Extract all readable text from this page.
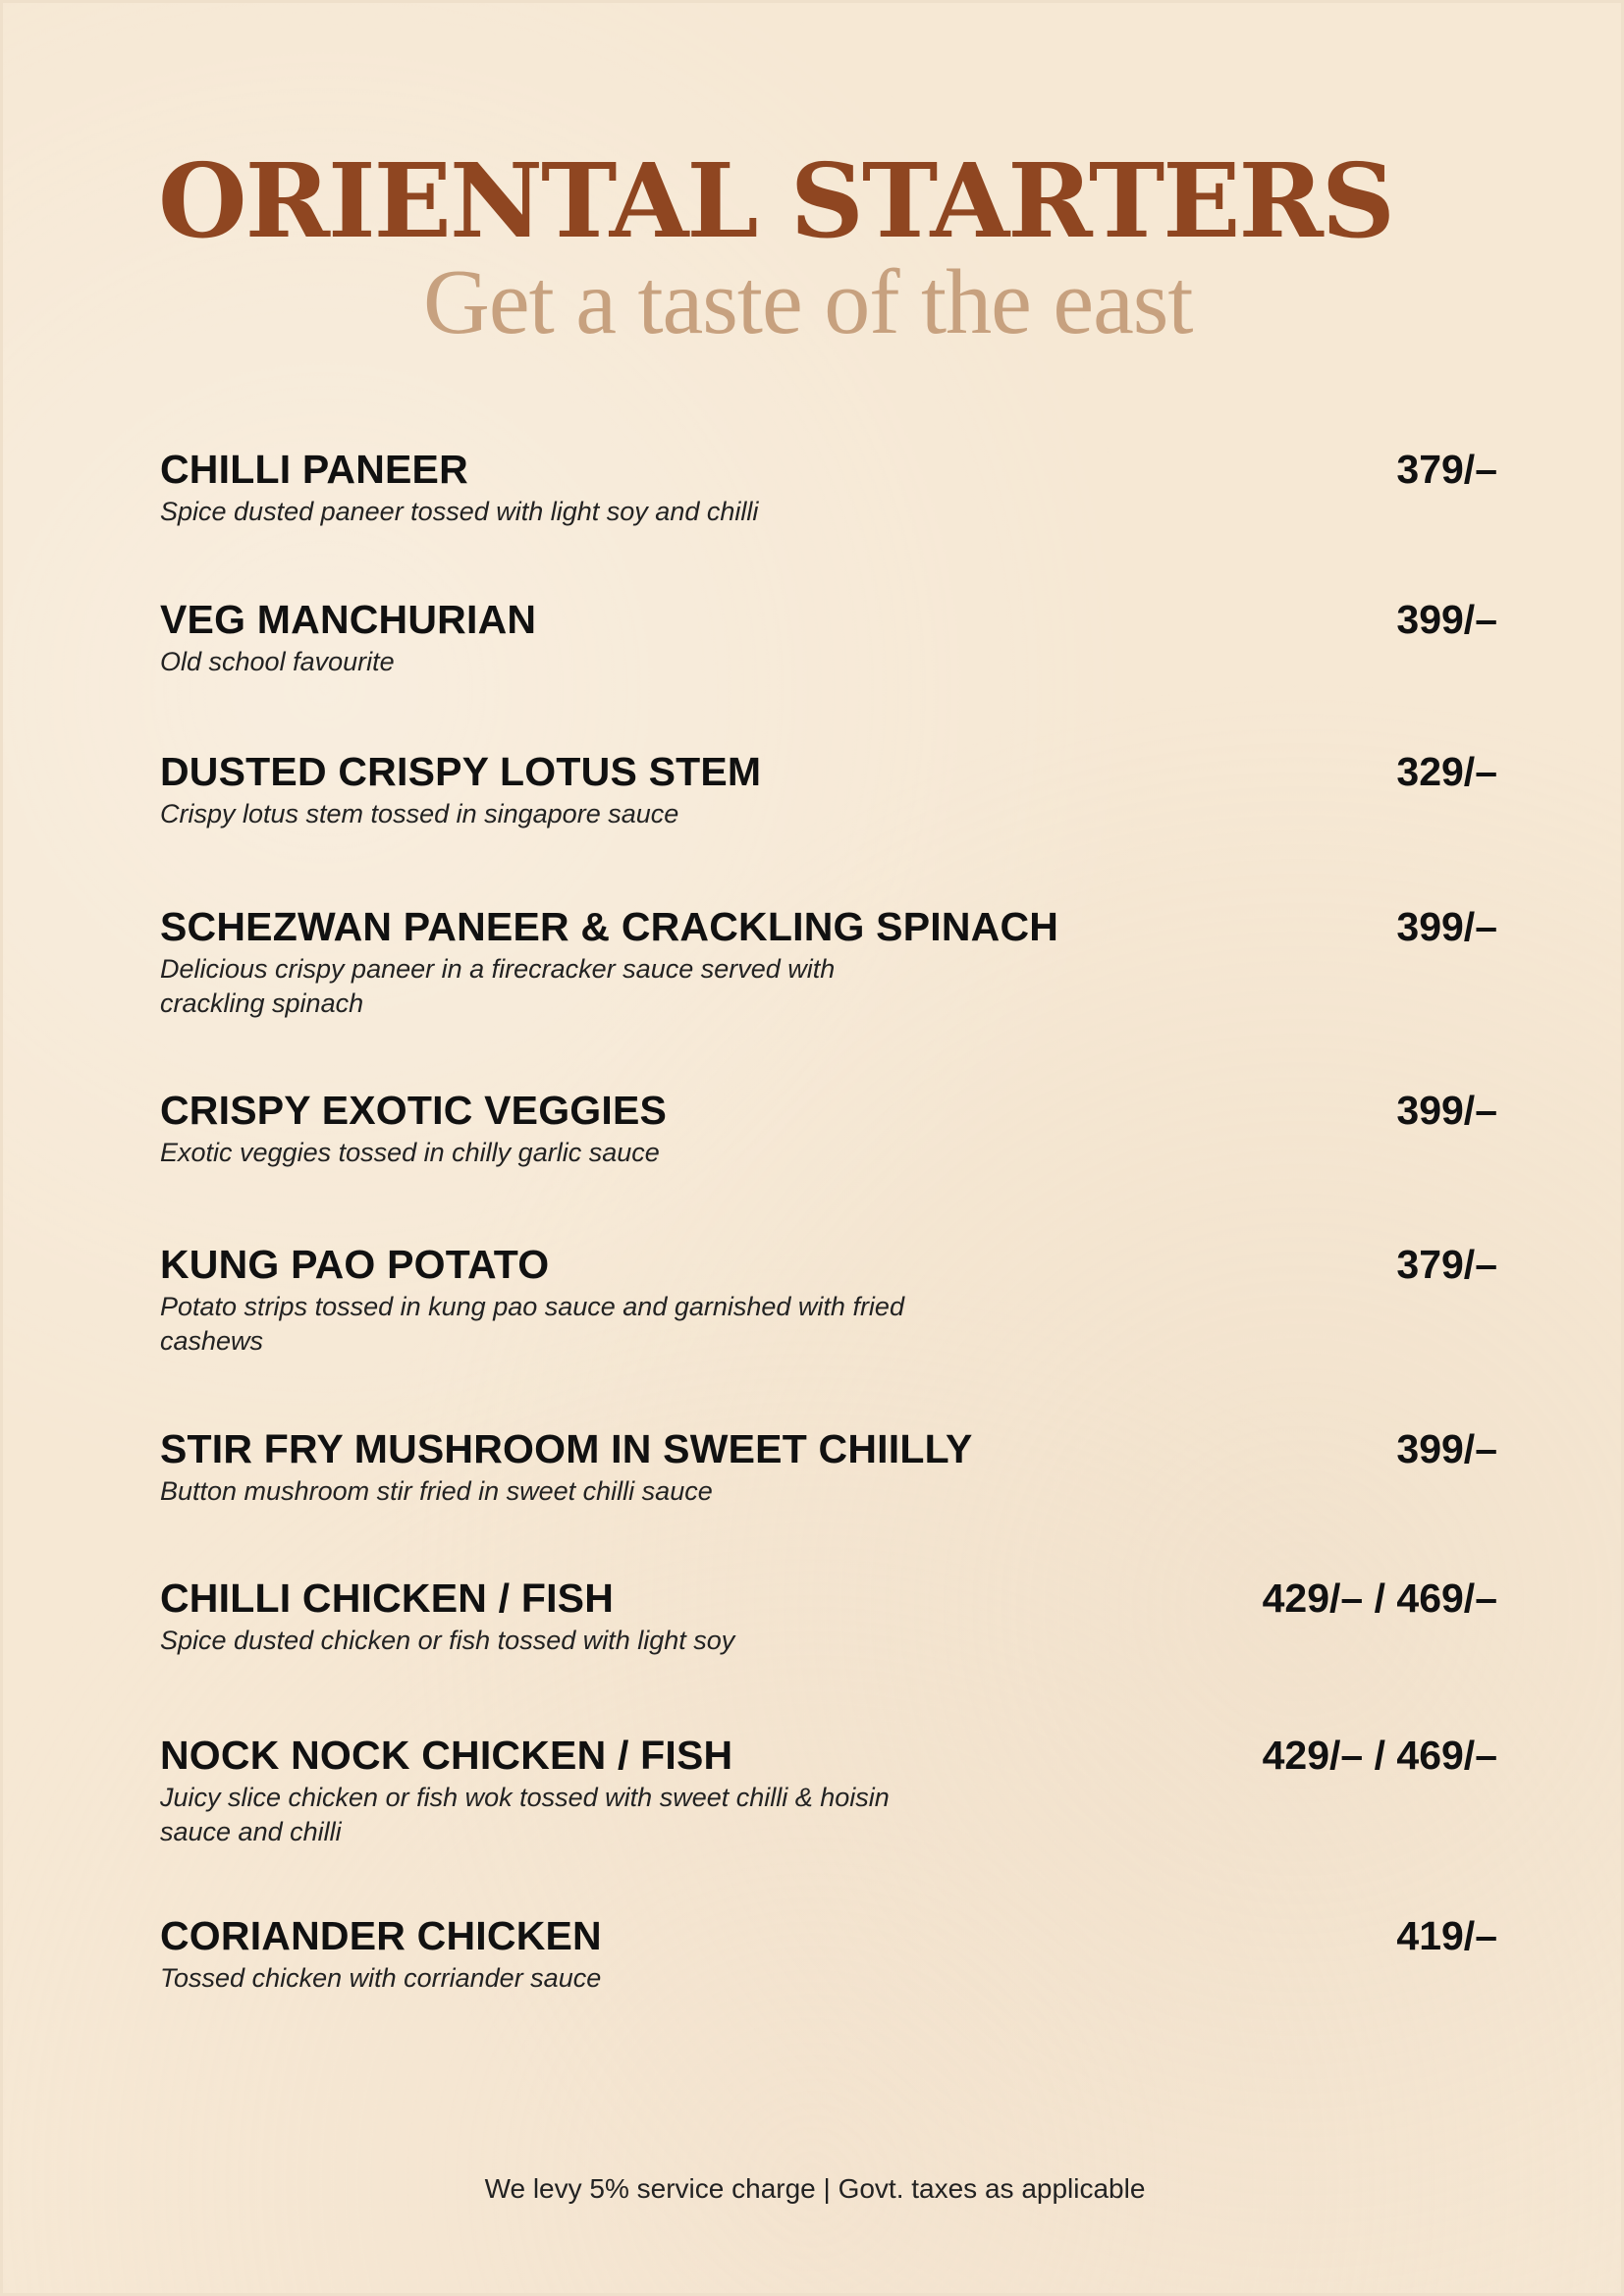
ORIENTAL STARTERS
Get a taste of the east
CHILLI PANEER
Spice dusted paneer tossed with light soy and chilli
379/–
VEG MANCHURIAN
Old school favourite
399/–
DUSTED CRISPY LOTUS STEM
Crispy lotus stem tossed in singapore sauce
329/–
SCHEZWAN PANEER & CRACKLING SPINACH
Delicious crispy paneer in a firecracker sauce served with crackling spinach
399/–
CRISPY EXOTIC VEGGIES
Exotic veggies tossed in chilly garlic sauce
399/–
KUNG PAO POTATO
Potato strips tossed in kung pao sauce and garnished with fried cashews
379/–
STIR FRY MUSHROOM IN SWEET CHIILLY
Button mushroom stir fried in sweet chilli sauce
399/–
CHILLI CHICKEN / FISH
Spice dusted chicken or fish tossed with light soy
429/– / 469/–
NOCK NOCK CHICKEN / FISH
Juicy slice chicken or fish wok tossed with sweet chilli & hoisin sauce and chilli
429/– / 469/–
CORIANDER CHICKEN
Tossed chicken with corriander sauce
419/–
We levy 5% service charge | Govt. taxes as applicable
